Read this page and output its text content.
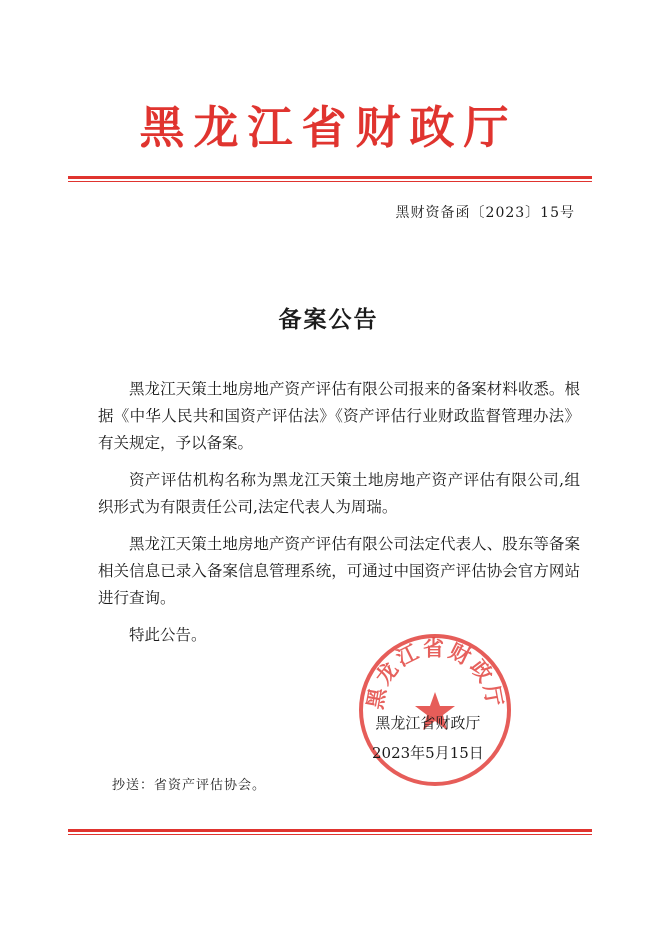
黑龙江省财政厅
黑财资备函〔2023〕15号
备案公告

黑龙江天策土地房地产资产评估有限公司报来的备案材料收悉。根据《中华人民共和国资产评估法》《资产评估行业财政监督管理办法》有关规定，予以备案。

资产评估机构名称为黑龙江天策土地房地产资产评估有限公司,组织形式为有限责任公司,法定代表人为周瑞。

黑龙江天策土地房地产资产评估有限公司法定代表人、股东等备案相关信息已录入备案信息管理系统，可通过中国资产评估协会官方网站进行查询。

特此公告。

黑龙江省财政厅
黑龙江省财政厅
2023年5月15日
抄送：省资产评估协会。
